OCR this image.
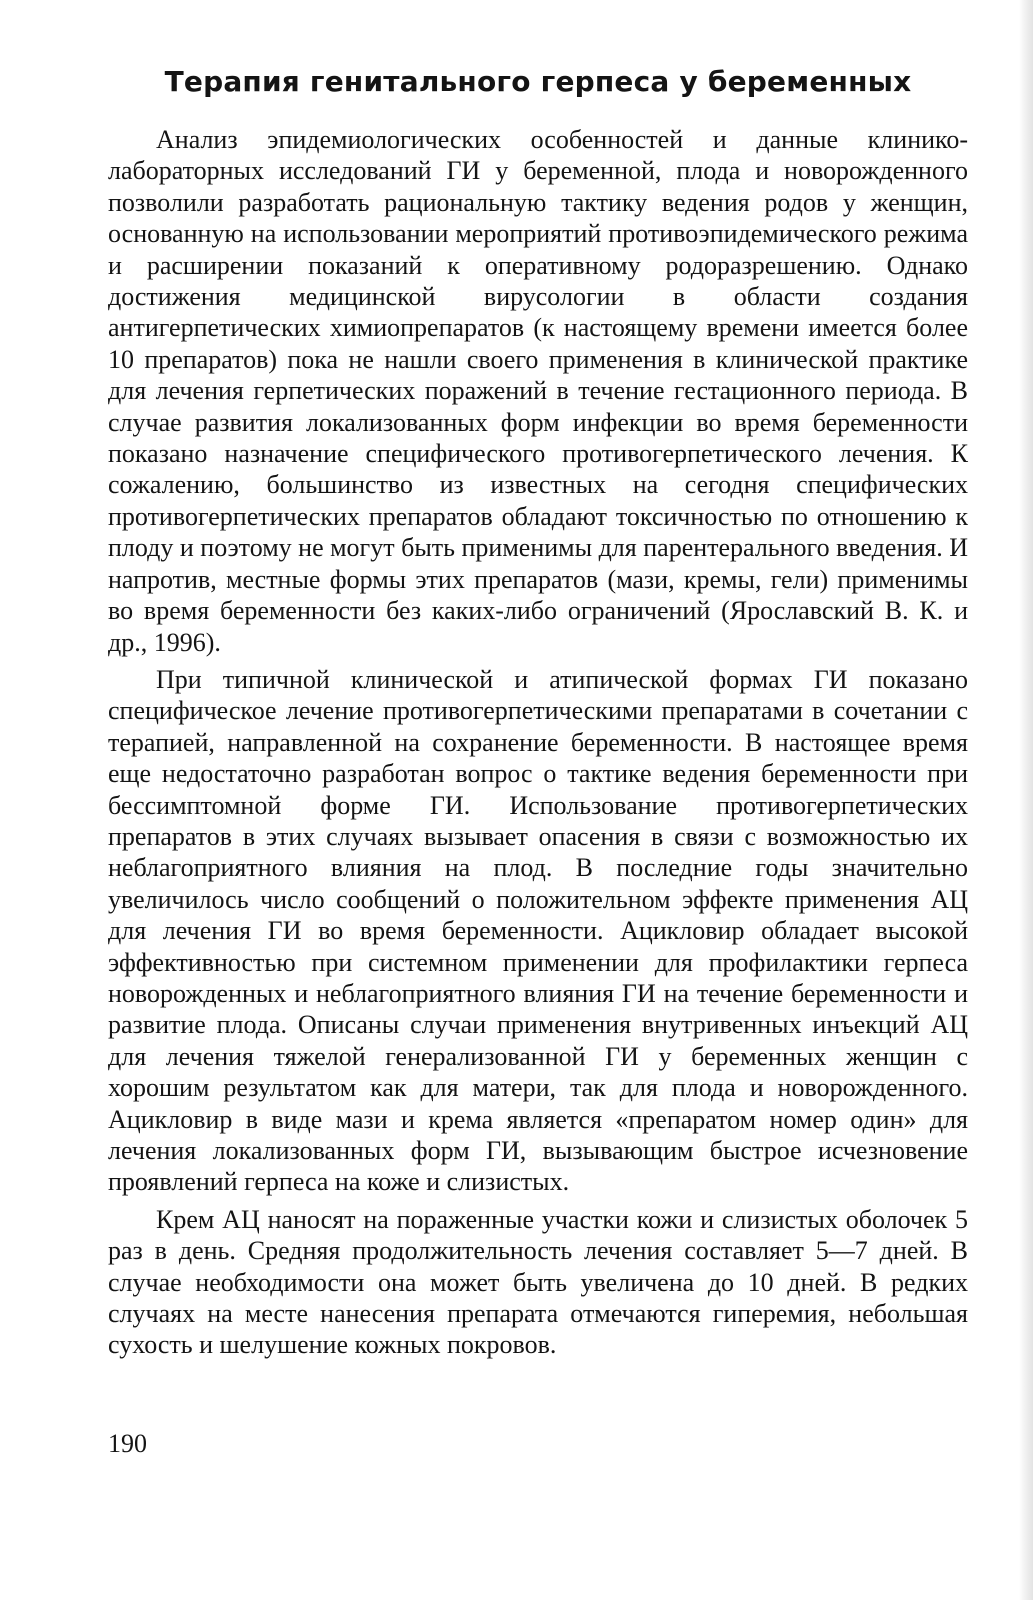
Терапия генитального герпеса у беременных

Анализ эпидемиологических особенностей и данные клинико-лабораторных исследований ГИ у беременной, плода и новорожденного позволили разработать рациональную тактику ведения родов у женщин, основанную на использовании мероприятий противоэпидемического режима и расширении показаний к оперативному родоразрешению. Однако достижения медицинской вирусологии в области создания антигерпетических химиопрепаратов (к настоящему времени имеется более 10 препаратов) пока не нашли своего применения в клинической практике для лечения герпетических поражений в течение гестационного периода. В случае развития локализованных форм инфекции во время беременности показано назначение специфического противогерпетического лечения. К сожалению, большинство из известных на сегодня специфических противогерпетических препаратов обладают токсичностью по отношению к плоду и поэтому не могут быть применимы для парентерального введения. И напротив, местные формы этих препаратов (мази, кремы, гели) применимы во время беременности без каких-либо ограничений (Ярославский В. К. и др., 1996).

При типичной клинической и атипической формах ГИ показано специфическое лечение противогерпетическими препаратами в сочетании с терапией, направленной на сохранение беременности. В настоящее время еще недостаточно разработан вопрос о тактике ведения беременности при бессимптомной форме ГИ. Использование противогерпетических препаратов в этих случаях вызывает опасения в связи с возможностью их неблагоприятного влияния на плод. В последние годы значительно увеличилось число сообщений о положительном эффекте применения АЦ для лечения ГИ во время беременности. Ацикловир обладает высокой эффективностью при системном применении для профилактики герпеса новорожденных и неблагоприятного влияния ГИ на течение беременности и развитие плода. Описаны случаи применения внутривенных инъекций АЦ для лечения тяжелой генерализованной ГИ у беременных женщин с хорошим результатом как для матери, так для плода и новорожденного. Ацикловир в виде мази и крема является «препаратом номер один» для лечения локализованных форм ГИ, вызывающим быстрое исчезновение проявлений герпеса на коже и слизистых.

Крем АЦ наносят на пораженные участки кожи и слизистых оболочек 5 раз в день. Средняя продолжительность лечения составляет 5—7 дней. В случае необходимости она может быть увеличена до 10 дней. В редких случаях на месте нанесения препарата отмечаются гиперемия, небольшая сухость и шелушение кожных покровов.

190
